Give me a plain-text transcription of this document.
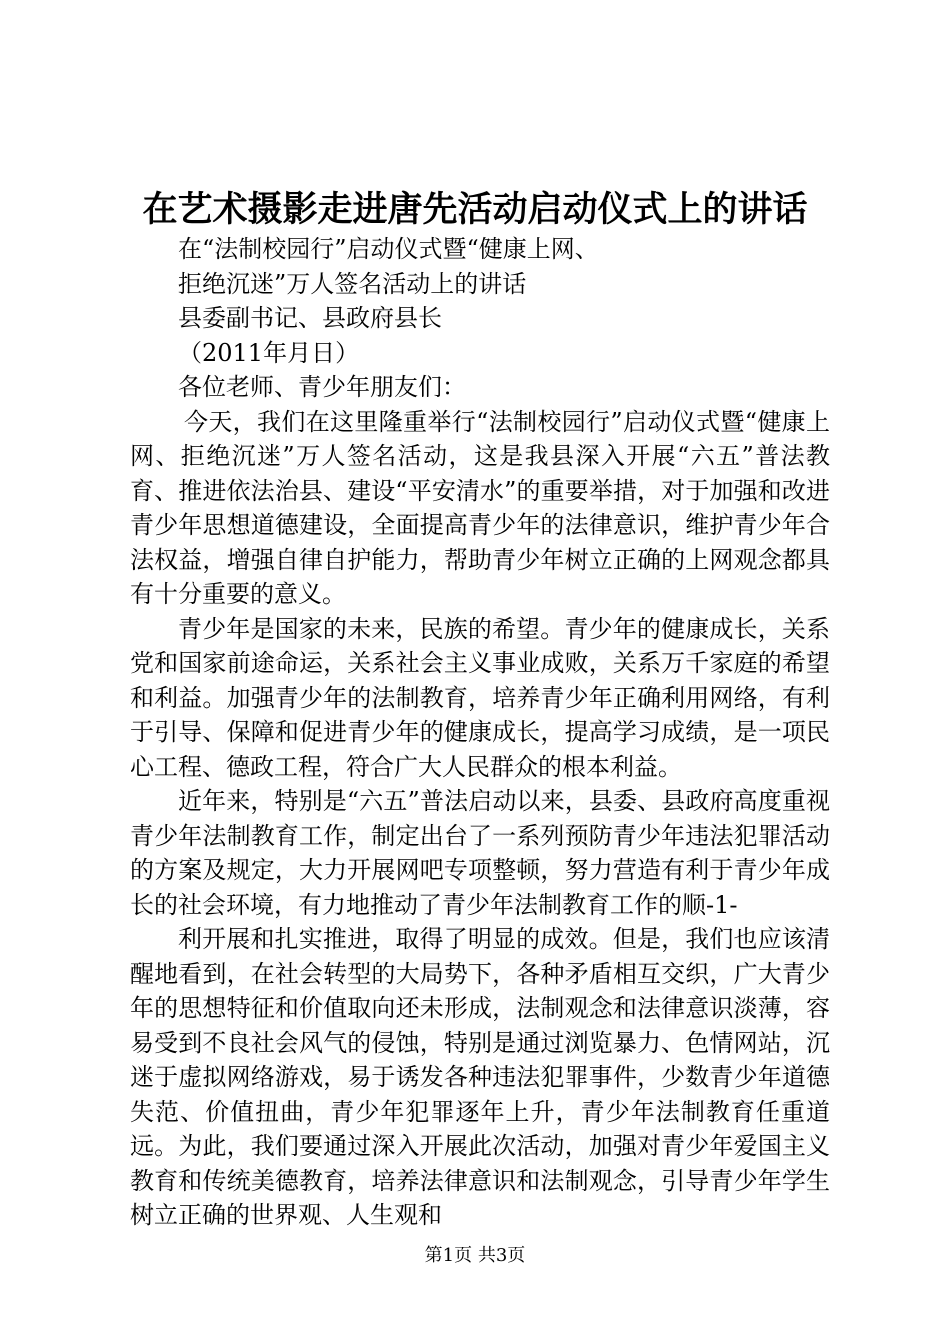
在艺术摄影走进唐先活动启动仪式上的讲话
在“法制校园行”启动仪式暨“健康上网、
拒绝沉迷”万人签名活动上的讲话
县委副书记、县政府县长
（2011年月日）
各位老师、青少年朋友们：

今天，我们在这里隆重举行“法制校园行”启动仪式暨“健康上网、拒绝沉迷”万人签名活动，这是我县深入开展“六五”普法教育、推进依法治县、建设“平安清水”的重要举措，对于加强和改进青少年思想道德建设，全面提高青少年的法律意识，维护青少年合法权益，增强自律自护能力，帮助青少年树立正确的上网观念都具有十分重要的意义。

青少年是国家的未来，民族的希望。青少年的健康成长，关系党和国家前途命运，关系社会主义事业成败，关系万千家庭的希望和利益。加强青少年的法制教育，培养青少年正确利用网络，有利于引导、保障和促进青少年的健康成长，提高学习成绩，是一项民心工程、德政工程，符合广大人民群众的根本利益。

近年来，特别是“六五”普法启动以来，县委、县政府高度重视青少年法制教育工作，制定出台了一系列预防青少年违法犯罪活动的方案及规定，大力开展网吧专项整顿，努力营造有利于青少年成长的社会环境，有力地推动了青少年法制教育工作的顺-1-

利开展和扎实推进，取得了明显的成效。但是，我们也应该清醒地看到，在社会转型的大局势下，各种矛盾相互交织，广大青少年的思想特征和价值取向还未形成，法制观念和法律意识淡薄，容易受到不良社会风气的侵蚀，特别是通过浏览暴力、色情网站，沉迷于虚拟网络游戏，易于诱发各种违法犯罪事件，少数青少年道德失范、价值扭曲，青少年犯罪逐年上升，青少年法制教育任重道远。为此，我们要通过深入开展此次活动，加强对青少年爱国主义教育和传统美德教育，培养法律意识和法制观念，引导青少年学生树立正确的世界观、人生观和

第1页 共3页
